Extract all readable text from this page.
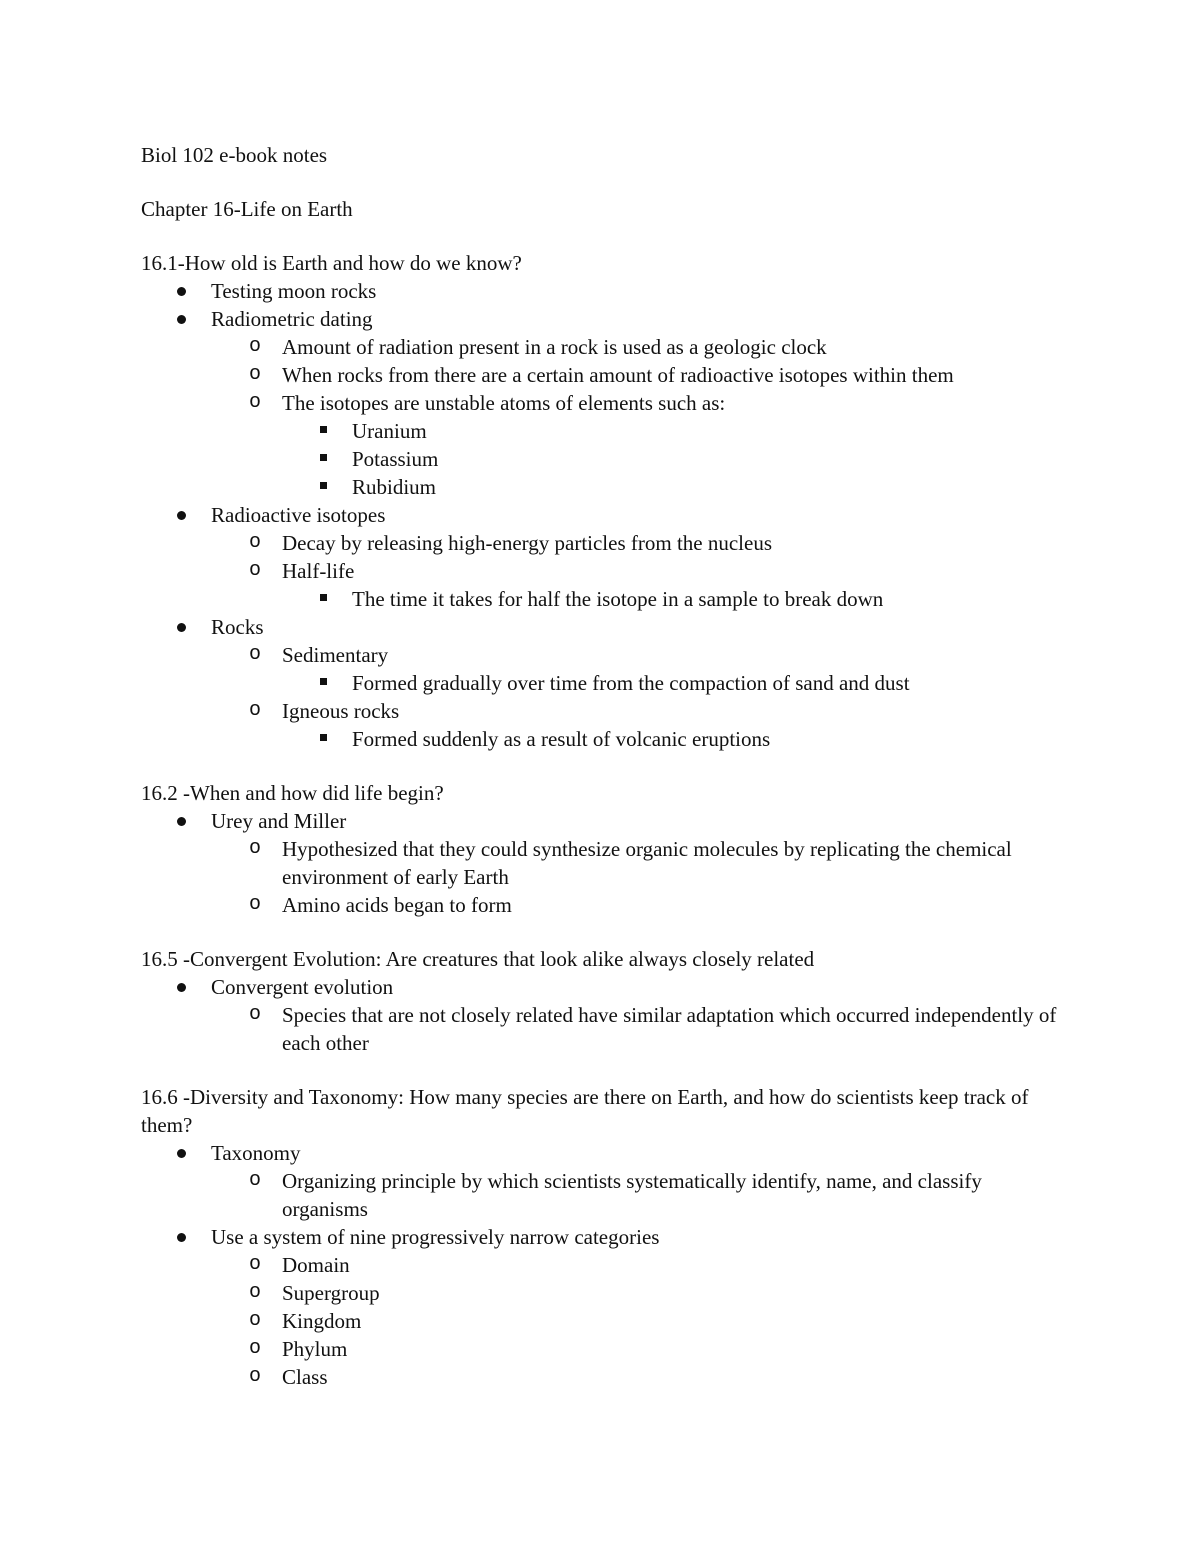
Biol 102 e-book notes

Chapter 16-Life on Earth

16.1-How old is Earth and how do we know?

Testing moon rocks
Radiometric dating
o Amount of radiation present in a rock is used as a geologic clock
o When rocks from there are a certain amount of radioactive isotopes within them
o The isotopes are unstable atoms of elements such as:
Uranium
Potassium
Rubidium
Radioactive isotopes
o Decay by releasing high-energy particles from the nucleus
o Half-life
The time it takes for half the isotope in a sample to break down
Rocks
o Sedimentary
Formed gradually over time from the compaction of sand and dust
o Igneous rocks
Formed suddenly as a result of volcanic eruptions

16.2 -When and how did life begin?

Urey and Miller
o Hypothesized that they could synthesize organic molecules by replicating the chemical environment of early Earth
o Amino acids began to form

16.5 -Convergent Evolution: Are creatures that look alike always closely related

Convergent evolution
o Species that are not closely related have similar adaptation which occurred independently of each other

16.6 -Diversity and Taxonomy: How many species are there on Earth, and how do scientists keep track of them?

Taxonomy
o Organizing principle by which scientists systematically identify, name, and classify organisms
Use a system of nine progressively narrow categories
o Domain
o Supergroup
o Kingdom
o Phylum
o Class
